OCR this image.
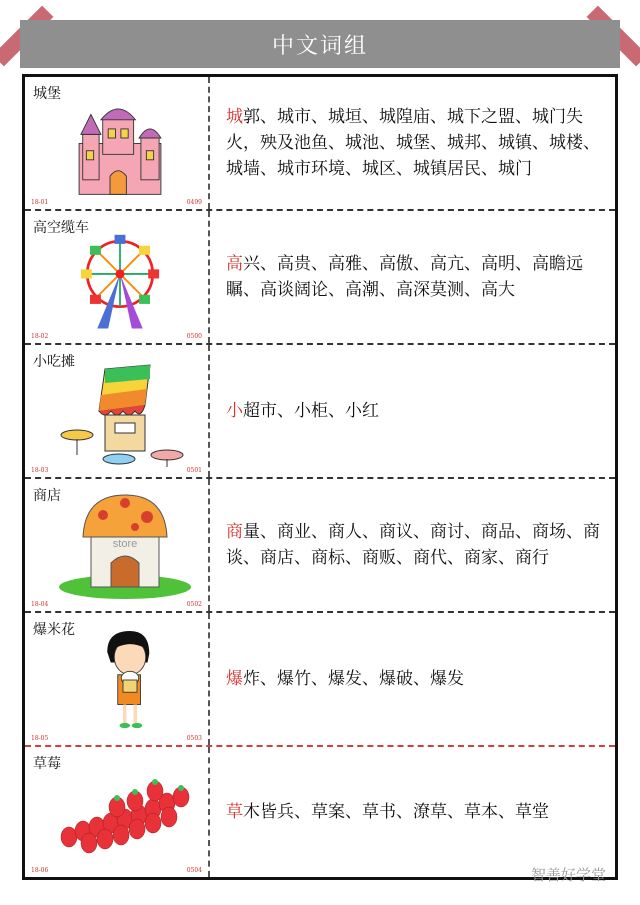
中文词组
城堡
18-01	0499
城郭、城市、城垣、城隍庙、城下之盟、城门失火，殃及池鱼、城池、城堡、城邦、城镇、城楼、城墙、城市环境、城区、城镇居民、城门
高空缆车
18-02	0500
高兴、高贵、高雅、高傲、高亢、高明、高瞻远瞩、高谈阔论、高潮、高深莫测、高大
小吃摊
18-03	0501
小超市、小柜、小红
商店
store
18-04	0502
商量、商业、商人、商议、商讨、商品、商场、商谈、商店、商标、商贩、商代、商家、商行
爆米花
18-05	0503
爆炸、爆竹、爆发、爆破、爆发
草莓
18-06	0504
草木皆兵、草案、草书、潦草、草本、草堂
智善好学堂
